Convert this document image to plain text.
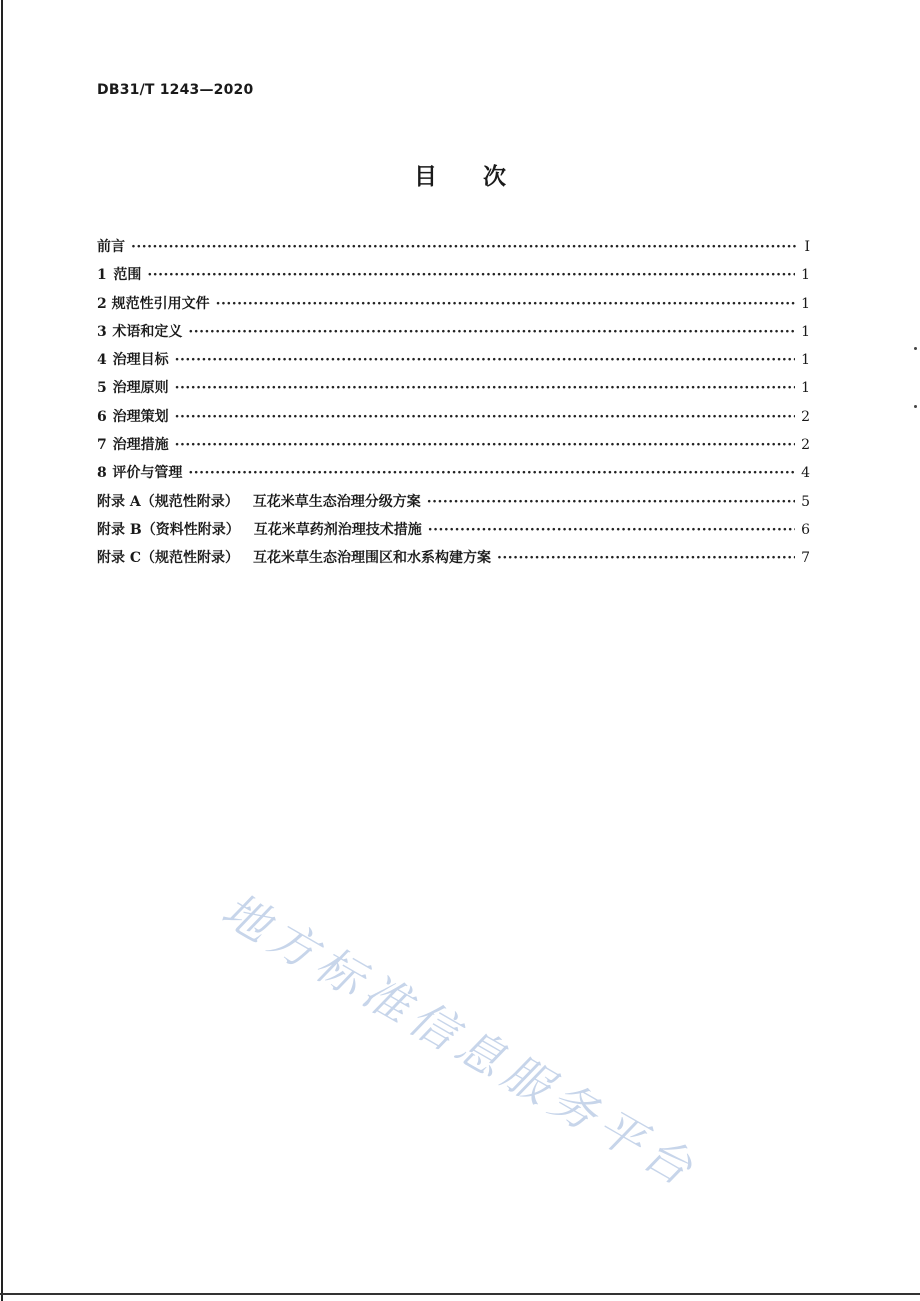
DB31/T 1243—2020
目次
前言 ·····	I
1 范围 ·····	1
2 规范性引用文件 ·····	1
3 术语和定义 ·····	1
4 治理目标 ·····	1
5 治理原则 ·····	1
6 治理策划 ·····	2
7 治理措施 ·····	2
8 评价与管理 ·····	4
附录 A（规范性附录）	互花米草生态治理分级方案 ·····	5
附录 B（资料性附录）	互花米草药剂治理技术措施 ·····	6
附录 C（规范性附录）	互花米草生态治理围区和水系构建方案 ·····	7
地方标准信息服务平台
